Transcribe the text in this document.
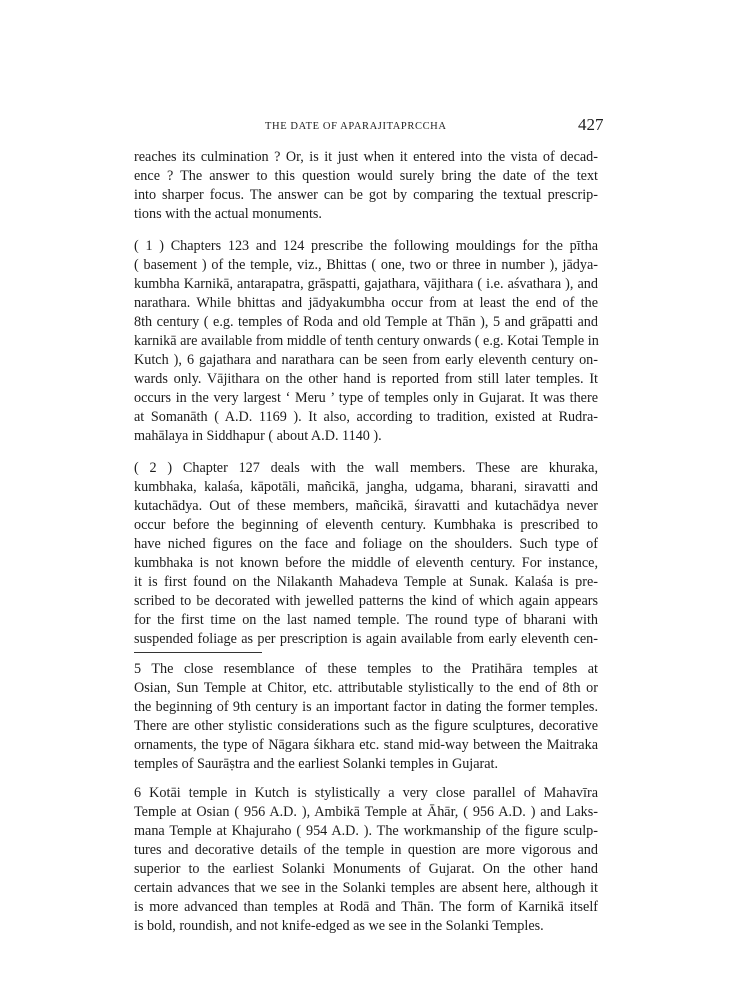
THE DATE OF APARAJITAPRCCHA	427
reaches its culmination ? Or, is it just when it entered into the vista of decad-
ence ? The answer to this question would surely bring the date of the text
into sharper focus. The answer can be got by comparing the textual prescrip-
tions with the actual monuments.
( 1 ) Chapters 123 and 124 prescribe the following mouldings for the pītha
( basement ) of the temple, viz., Bhittas ( one, two or three in number ), jādya-
kumbha Karnikā, antarapatra, grāspatti, gajathara, vājithara ( i.e. aśvathara ), and
narathara. While bhittas and jādyakumbha occur from at least the end of the
8th century ( e.g. temples of Roda and old Temple at Thān ), 5 and grāpatti and
karnikā are available from middle of tenth century onwards ( e.g. Kotai Temple in
Kutch ), 6 gajathara and narathara can be seen from early eleventh century on-
wards only. Vājithara on the other hand is reported from still later temples. It
occurs in the very largest ‘ Meru ’ type of temples only in Gujarat. It was there
at Somanāth ( A.D. 1169 ). It also, according to tradition, existed at Rudra-
mahālaya in Siddhapur ( about A.D. 1140 ).
( 2 ) Chapter 127 deals with the wall members. These are khuraka,
kumbhaka, kalaśa, kāpotāli, mañcikā, jangha, udgama, bharani, siravatti and
kutachādya. Out of these members, mañcikā, śiravatti and kutachādya never
occur before the beginning of eleventh century. Kumbhaka is prescribed to
have niched figures on the face and foliage on the shoulders. Such type of
kumbhaka is not known before the middle of eleventh century. For instance,
it is first found on the Nilakanth Mahadeva Temple at Sunak. Kalaśa is pre-
scribed to be decorated with jewelled patterns the kind of which again appears
for the first time on the last named temple. The round type of bharani with
suspended foliage as per prescription is again available from early eleventh cen-
5 The close resemblance of these temples to the Pratihāra temples at
Osian, Sun Temple at Chitor, etc. attributable stylistically to the end of 8th or
the beginning of 9th century is an important factor in dating the former temples.
There are other stylistic considerations such as the figure sculptures, decorative
ornaments, the type of Nāgara śikhara etc. stand mid-way between the Maitraka
temples of Saurāṣtra and the earliest Solanki temples in Gujarat.
6 Kotāi temple in Kutch is stylistically a very close parallel of Mahavīra
Temple at Osian ( 956 A.D. ), Ambikā Temple at Āhār, ( 956 A.D. ) and Laks-
mana Temple at Khajuraho ( 954 A.D. ). The workmanship of the figure sculp-
tures and decorative details of the temple in question are more vigorous and
superior to the earliest Solanki Monuments of Gujarat. On the other hand
certain advances that we see in the Solanki temples are absent here, although it
is more advanced than temples at Rodā and Thān. The form of Karnikā itself
is bold, roundish, and not knife-edged as we see in the Solanki Temples.
